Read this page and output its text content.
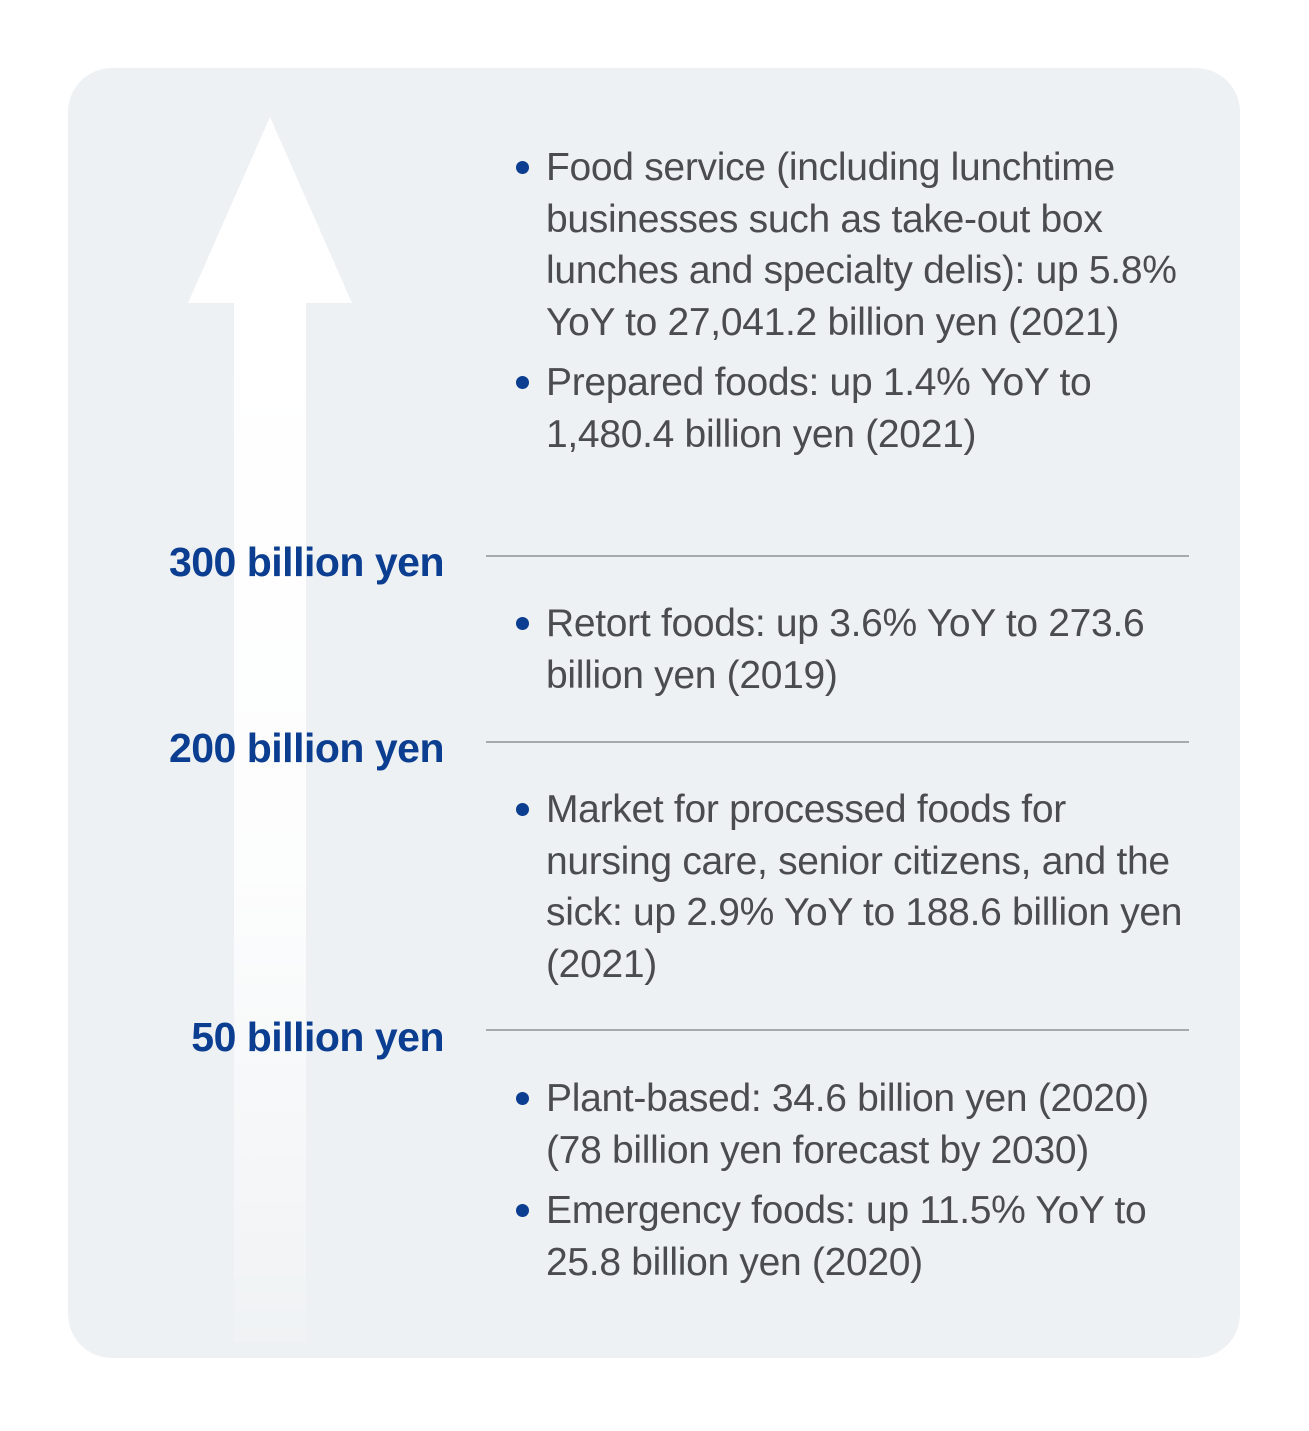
300 billion yen
200 billion yen
50 billion yen
Food service (including lunchtime businesses such as take-out box lunches and specialty delis): up 5.8% YoY to 27,041.2 billion yen (2021)
Prepared foods: up 1.4% YoY to 1,480.4 billion yen (2021)
Retort foods: up 3.6% YoY to 273.6 billion yen (2019)
Market for processed foods for nursing care, senior citizens, and the sick: up 2.9% YoY to 188.6 billion yen (2021)
Plant-based: 34.6 billion yen (2020) (78 billion yen forecast by 2030)
Emergency foods: up 11.5% YoY to 25.8 billion yen (2020)
